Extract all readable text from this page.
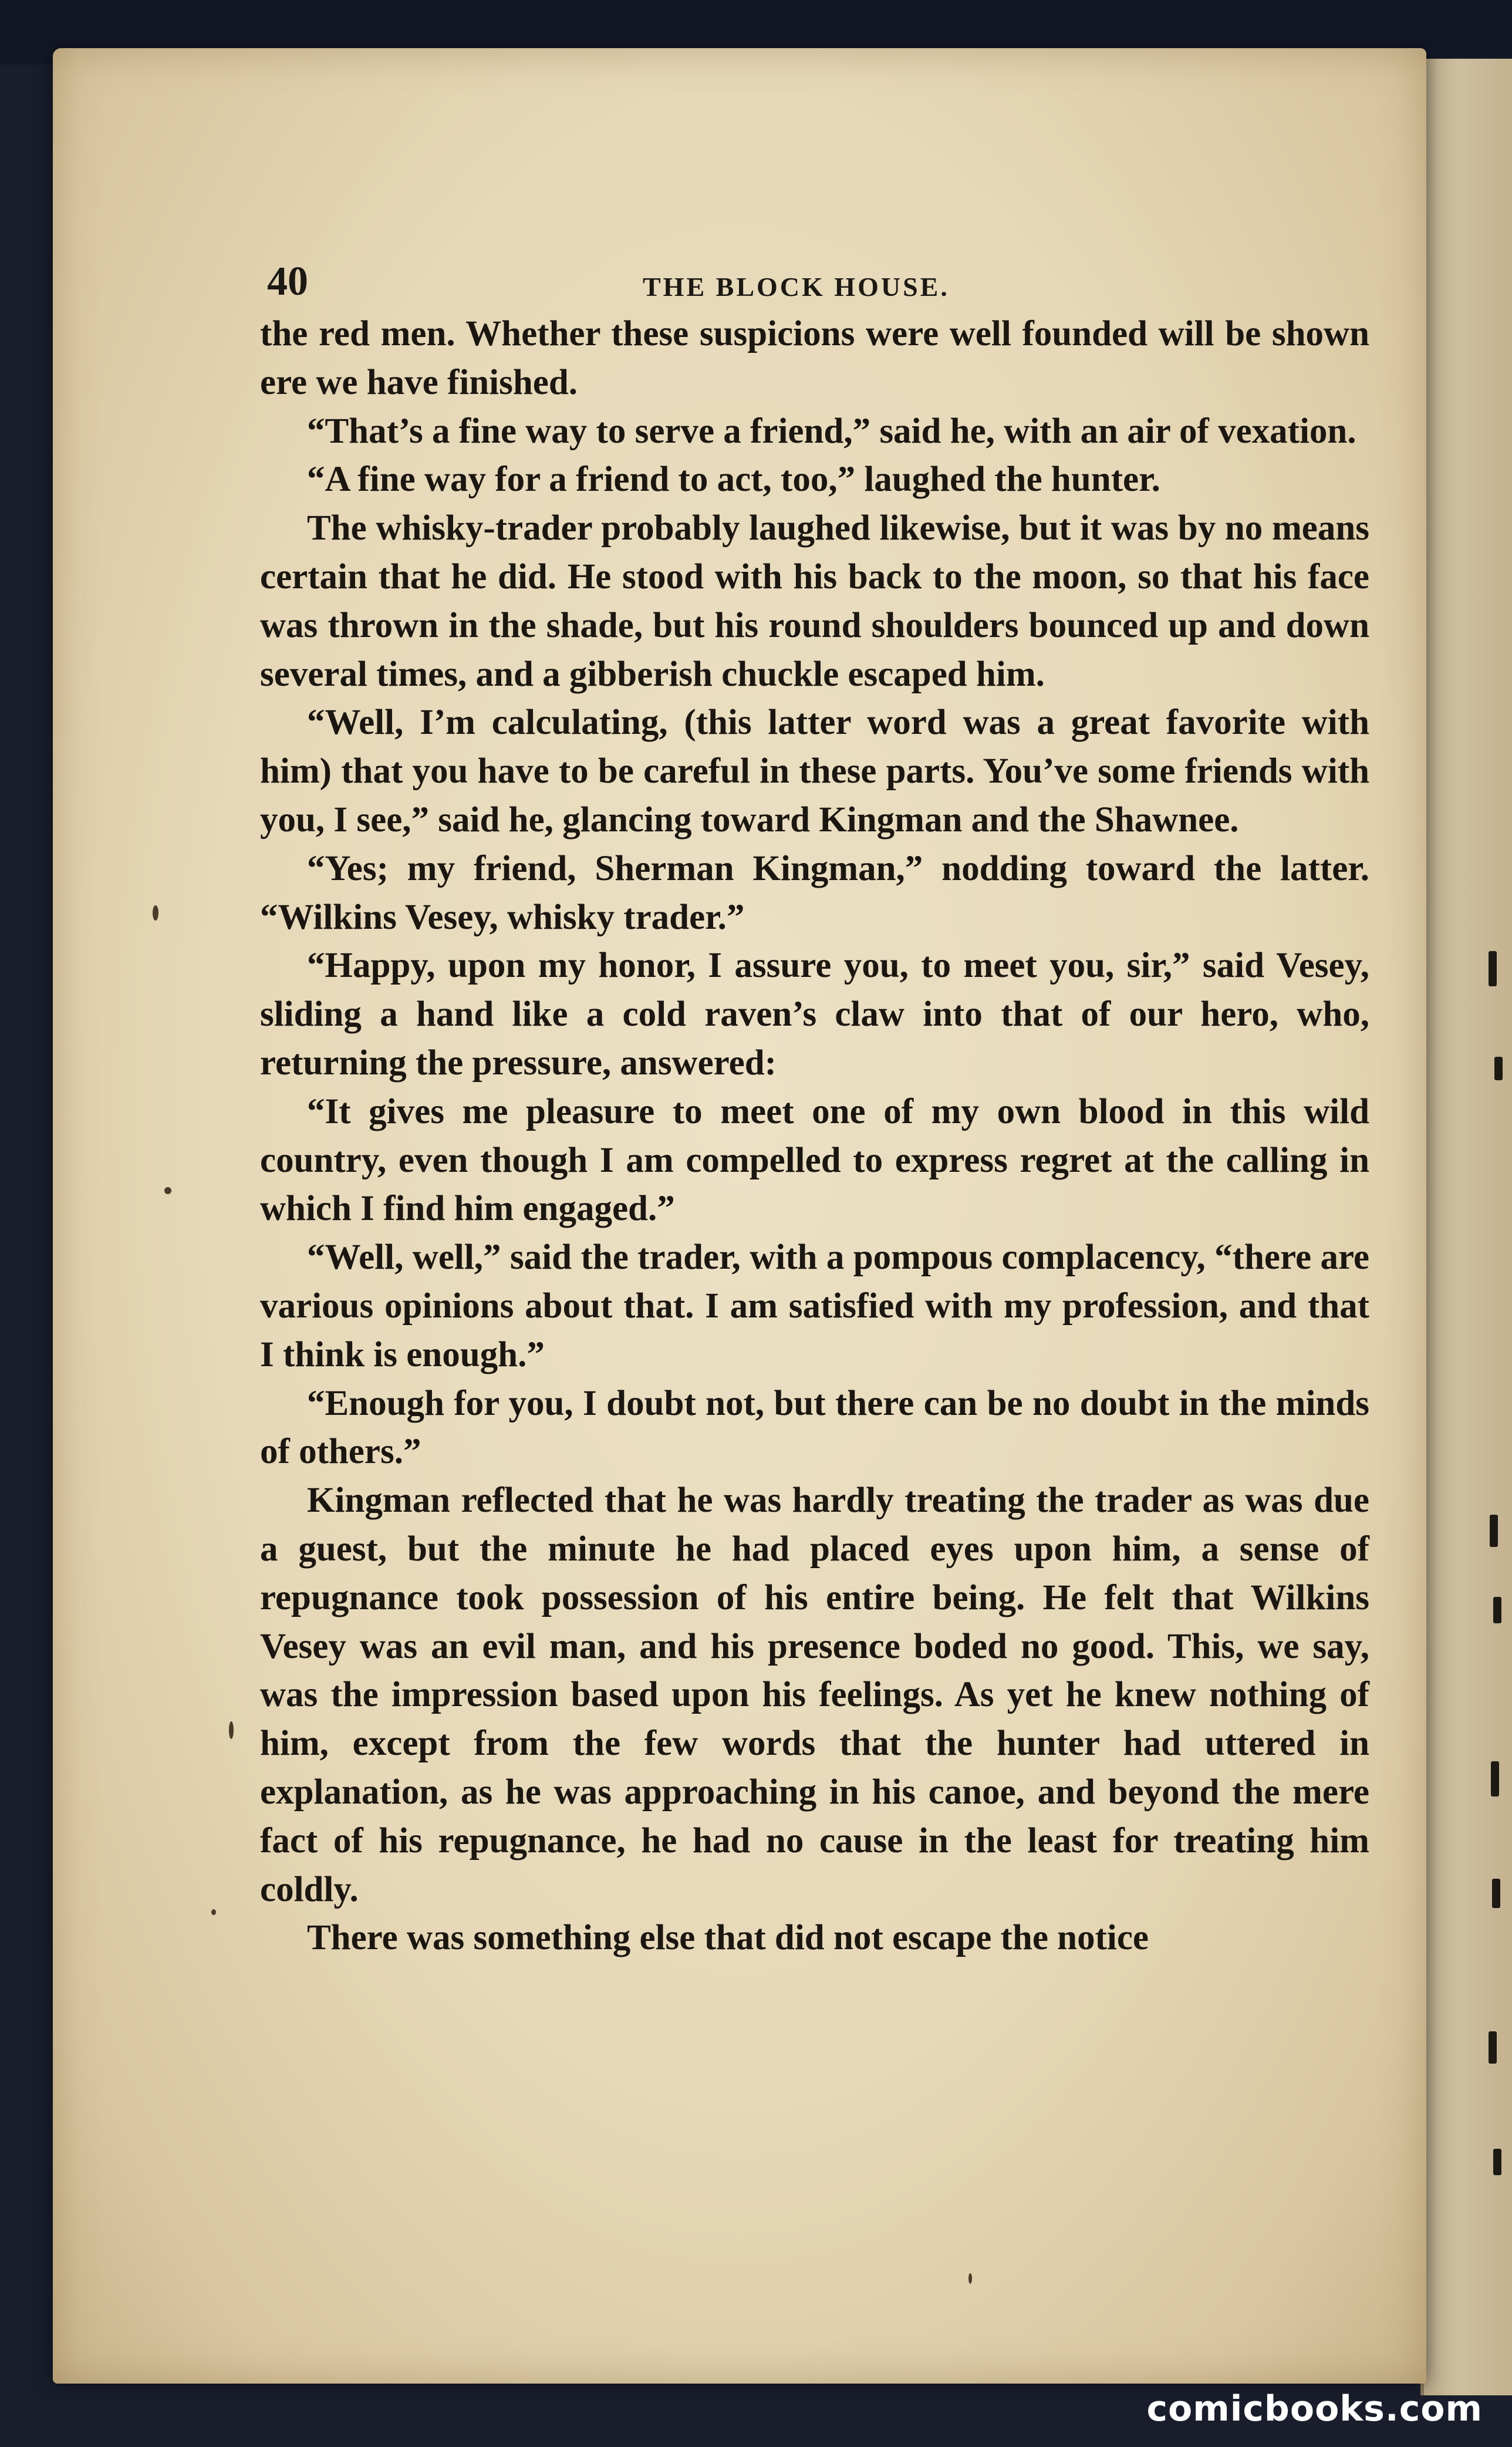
40	THE BLOCK HOUSE.

the red men. Whether these suspicions were well founded will be shown ere we have finished.

“That’s a fine way to serve a friend,” said he, with an air of vexation.

“A fine way for a friend to act, too,” laughed the hunter.

The whisky-trader probably laughed likewise, but it was by no means certain that he did. He stood with his back to the moon, so that his face was thrown in the shade, but his round shoulders bounced up and down several times, and a gibberish chuckle escaped him.

“Well, I’m calculating, (this latter word was a great favorite with him) that you have to be careful in these parts. You’ve some friends with you, I see,” said he, glancing toward Kingman and the Shawnee.

“Yes; my friend, Sherman Kingman,” nodding toward the latter. “Wilkins Vesey, whisky trader.”

“Happy, upon my honor, I assure you, to meet you, sir,” said Vesey, sliding a hand like a cold raven’s claw into that of our hero, who, returning the pressure, answered:

“It gives me pleasure to meet one of my own blood in this wild country, even though I am compelled to express regret at the calling in which I find him engaged.”

“Well, well,” said the trader, with a pompous complacency, “there are various opinions about that. I am satisfied with my profession, and that I think is enough.”

“Enough for you, I doubt not, but there can be no doubt in the minds of others.”

Kingman reflected that he was hardly treating the trader as was due a guest, but the minute he had placed eyes upon him, a sense of repugnance took possession of his entire being. He felt that Wilkins Vesey was an evil man, and his presence boded no good. This, we say, was the impression based upon his feelings. As yet he knew nothing of him, except from the few words that the hunter had uttered in explanation, as he was approaching in his canoe, and beyond the mere fact of his repugnance, he had no cause in the least for treating him coldly.

There was something else that did not escape the notice

comicbooks.com
